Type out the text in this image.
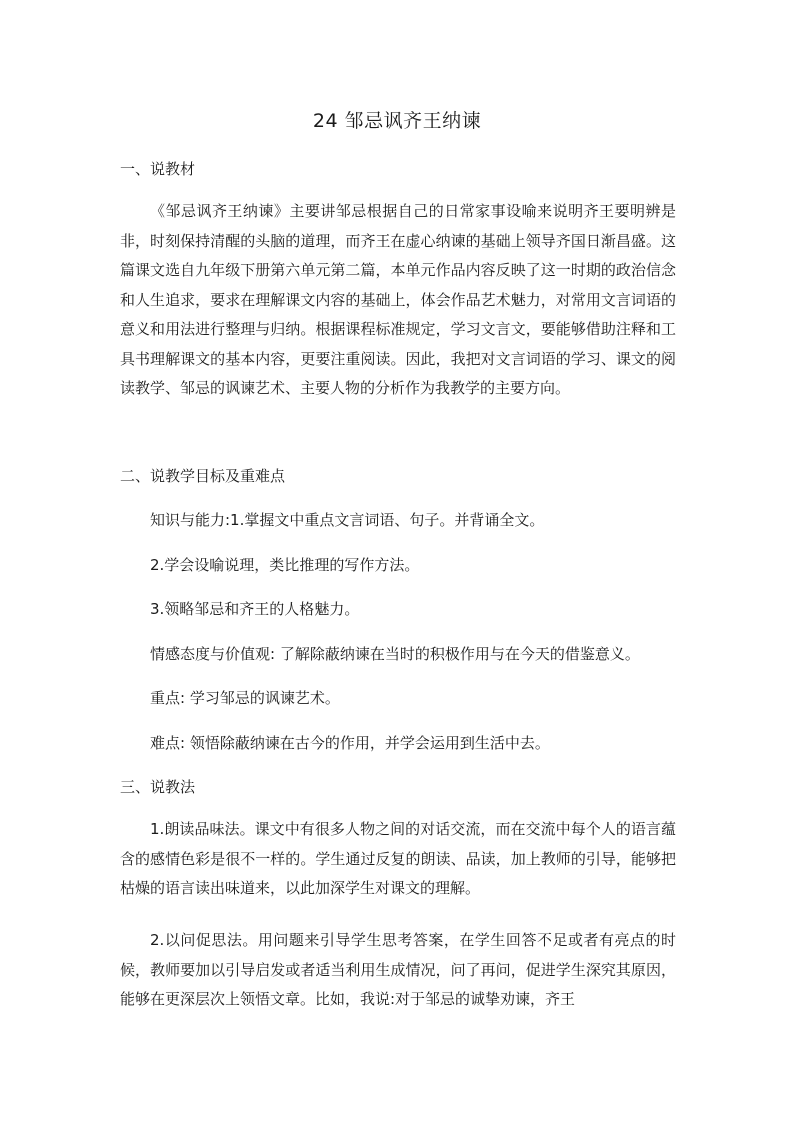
24 邹忌讽齐王纳谏
一、说教材

《邹忌讽齐王纳谏》主要讲邹忌根据自己的日常家事设喻来说明齐王要明辨是非，时刻保持清醒的头脑的道理，而齐王在虚心纳谏的基础上领导齐国日渐昌盛。这篇课文选自九年级下册第六单元第二篇，本单元作品内容反映了这一时期的政治信念和人生追求，要求在理解课文内容的基础上，体会作品艺术魅力，对常用文言词语的意义和用法进行整理与归纳。根据课程标准规定，学习文言文，要能够借助注释和工具书理解课文的基本内容，更要注重阅读。因此，我把对文言词语的学习、课文的阅读教学、邹忌的讽谏艺术、主要人物的分析作为我教学的主要方向。

二、说教学目标及重难点
知识与能力:1.掌握文中重点文言词语、句子。并背诵全文。
2.学会设喻说理，类比推理的写作方法。
3.领略邹忌和齐王的人格魅力。
情感态度与价值观: 了解除蔽纳谏在当时的积极作用与在今天的借鉴意义。
重点: 学习邹忌的讽谏艺术。
难点: 领悟除蔽纳谏在古今的作用，并学会运用到生活中去。
三、说教法

1.朗读品味法。课文中有很多人物之间的对话交流，而在交流中每个人的语言蕴含的感情色彩是很不一样的。学生通过反复的朗读、品读，加上教师的引导，能够把枯燥的语言读出味道来，以此加深学生对课文的理解。

2.以问促思法。用问题来引导学生思考答案，在学生回答不足或者有亮点的时候，教师要加以引导启发或者适当利用生成情况，问了再问，促进学生深究其原因，能够在更深层次上领悟文章。比如，我说:对于邹忌的诚挚劝谏，齐王
